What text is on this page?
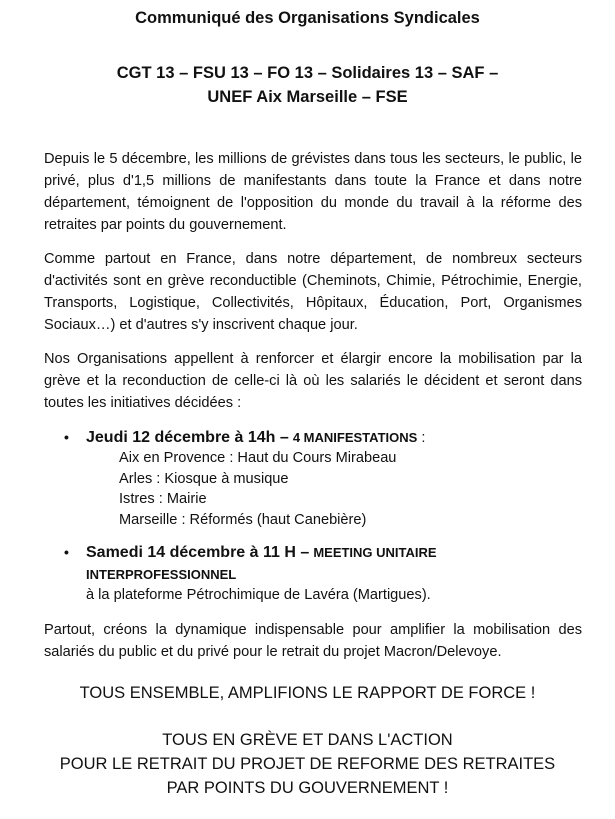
Communiqué des Organisations Syndicales
CGT 13 – FSU 13 – FO 13 – Solidaires 13 – SAF –
UNEF Aix Marseille – FSE
Depuis le 5 décembre, les millions de grévistes dans tous les secteurs, le public, le privé, plus d'1,5 millions de manifestants dans toute la France et dans notre département, témoignent de l'opposition du monde du travail à la réforme des retraites par points du gouvernement.
Comme partout en France, dans notre département, de nombreux secteurs d'activités sont en grève reconductible (Cheminots, Chimie, Pétrochimie, Energie, Transports, Logistique, Collectivités, Hôpitaux, Éducation, Port, Organismes Sociaux…) et d'autres s'y inscrivent chaque jour.
Nos Organisations appellent à renforcer et élargir encore la mobilisation par la grève et la reconduction de celle-ci là où les salariés le décident et seront dans toutes les initiatives décidées :
• Jeudi 12 décembre à 14h – 4 MANIFESTATIONS :
Aix en Provence : Haut du Cours Mirabeau
Arles : Kiosque à musique
Istres : Mairie
Marseille : Réformés (haut Canebière)
• Samedi 14 décembre à 11 H – MEETING UNITAIRE INTERPROFESSIONNEL
à la plateforme Pétrochimique de Lavéra (Martigues).
Partout, créons la dynamique indispensable pour amplifier la mobilisation des salariés du public et du privé pour le retrait du projet Macron/Delevoye.
TOUS ENSEMBLE, AMPLIFIONS LE RAPPORT DE FORCE !
TOUS EN GRÈVE ET DANS L'ACTION
POUR LE RETRAIT DU PROJET DE REFORME DES RETRAITES
PAR POINTS DU GOUVERNEMENT !
